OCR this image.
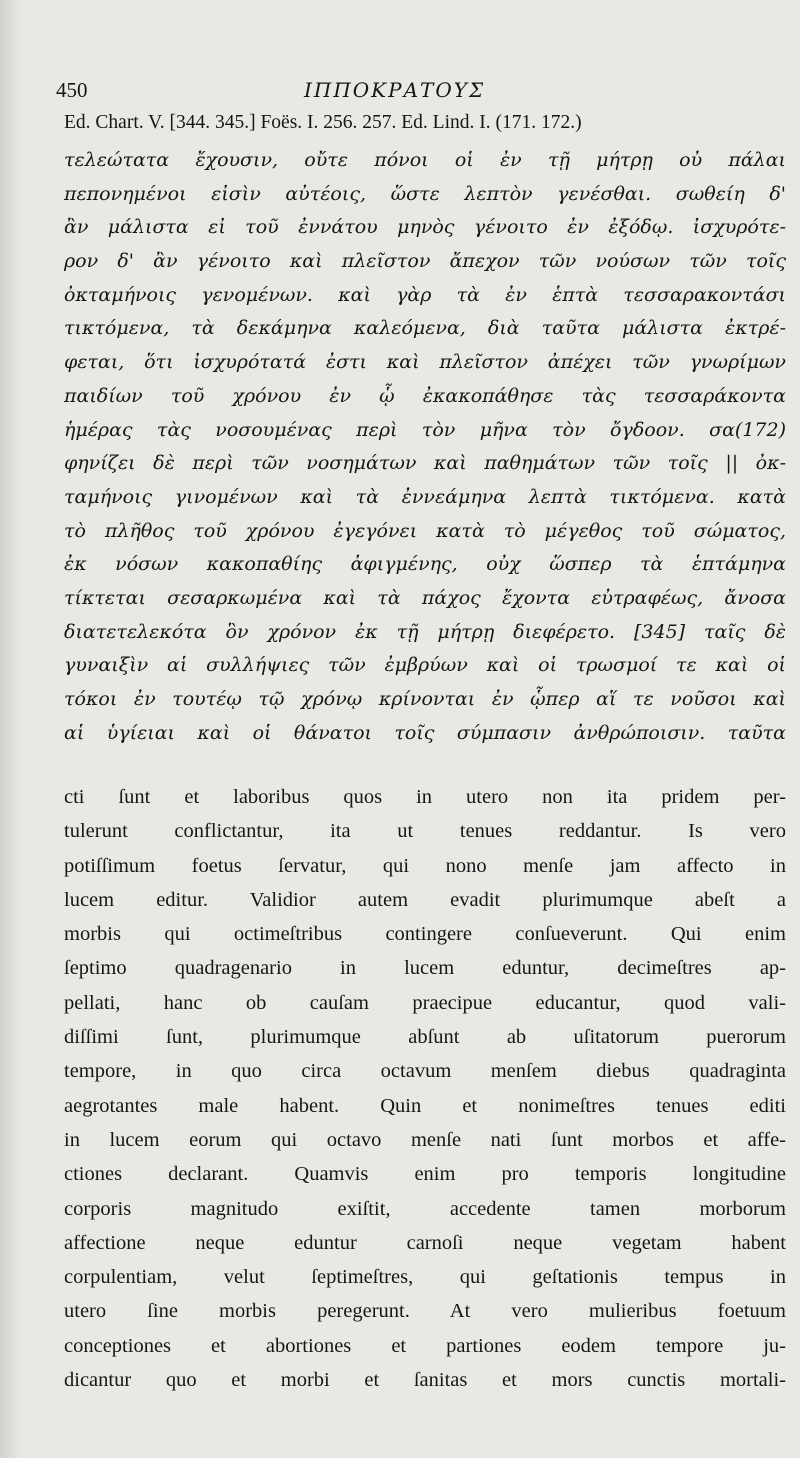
450	ΙΠΠΟΚΡΑΤΟΥΣ
Ed. Chart. V. [344. 345.] Foës. I. 256. 257. Ed. Lind. I. (171. 172.)
τελεώτατα ἔχουσιν, οὔτε πόνοι οἱ ἐν τῇ μήτρῃ οὐ πάλαι
πεπονημένοι εἰσὶν αὐτέοις, ὥστε λεπτὸν γενέσθαι. σωθείη δ'
ἂν μάλιστα εἰ τοῦ ἐννάτου μηνὸς γένοιτο ἐν ἐξόδῳ. ἰσχυρότε-
ρον δ' ἂν γένοιτο καὶ πλεῖστον ἄπεχον τῶν νούσων τῶν τοῖς
ὀκταμήνοις γενομένων. καὶ γὰρ τὰ ἐν ἑπτὰ τεσσαρακοντάσι
τικτόμενα, τὰ δεκάμηνα καλεόμενα, διὰ ταῦτα μάλιστα ἐκτρέ-
φεται, ὅτι ἰσχυρότατά ἐστι καὶ πλεῖστον ἀπέχει τῶν γνωρίμων
παιδίων τοῦ χρόνου ἐν ᾧ ἐκακοπάθησε τὰς τεσσαράκοντα
ἡμέρας τὰς νοσουμένας περὶ τὸν μῆνα τὸν ὄγδοον. σα(172)
φηνίζει δὲ περὶ τῶν νοσημάτων καὶ παθημάτων τῶν τοῖς || ὀκ-
ταμήνοις γινομένων καὶ τὰ ἐννεάμηνα λεπτὰ τικτόμενα. κατὰ
τὸ πλῆθος τοῦ χρόνου ἐγεγόνει κατὰ τὸ μέγεθος τοῦ σώματος,
ἐκ νόσων κακοπαθίης ἀφιγμένης, οὐχ ὥσπερ τὰ ἑπτάμηνα
τίκτεται σεσαρκωμένα καὶ τὰ πάχος ἔχοντα εὐτραφέως, ἄνοσα
διατετελεκότα ὃν χρόνον ἐκ τῇ μήτρῃ διεφέρετο. [345] ταῖς δὲ
γυναιξὶν αἱ συλλήψιες τῶν ἐμβρύων καὶ οἱ τρωσμοί τε καὶ οἱ
τόκοι ἐν τουτέῳ τῷ χρόνῳ κρίνονται ἐν ᾧπερ αἵ τε νοῦσοι καὶ
αἱ ὑγίειαι καὶ οἱ θάνατοι τοῖς σύμπασιν ἀνθρώποισιν. ταῦτα
cti ſunt et laboribus quos in utero non ita pridem per-
tulerunt conflictantur, ita ut tenues reddantur. Is vero
potiſſimum foetus ſervatur, qui nono menſe jam affecto in
lucem editur. Validior autem evadit plurimumque abeſt a
morbis qui octimeſtribus contingere conſueverunt. Qui enim
ſeptimo quadragenario in lucem eduntur, decimeſtres ap-
pellati, hanc ob cauſam praecipue educantur, quod vali-
diſſimi ſunt, plurimumque abſunt ab uſitatorum puerorum
tempore, in quo circa octavum menſem diebus quadraginta
aegrotantes male habent. Quin et nonimeſtres tenues editi
in lucem eorum qui octavo menſe nati ſunt morbos et affe-
ctiones declarant. Quamvis enim pro temporis longitudine
corporis magnitudo exiſtit, accedente tamen morborum
affectione neque eduntur carnoſi neque vegetam habent
corpulentiam, velut ſeptimeſtres, qui geſtationis tempus in
utero ſine morbis peregerunt. At vero mulieribus foetuum
conceptiones et abortiones et partiones eodem tempore ju-
dicantur quo et morbi et ſanitas et mors cunctis mortali-
